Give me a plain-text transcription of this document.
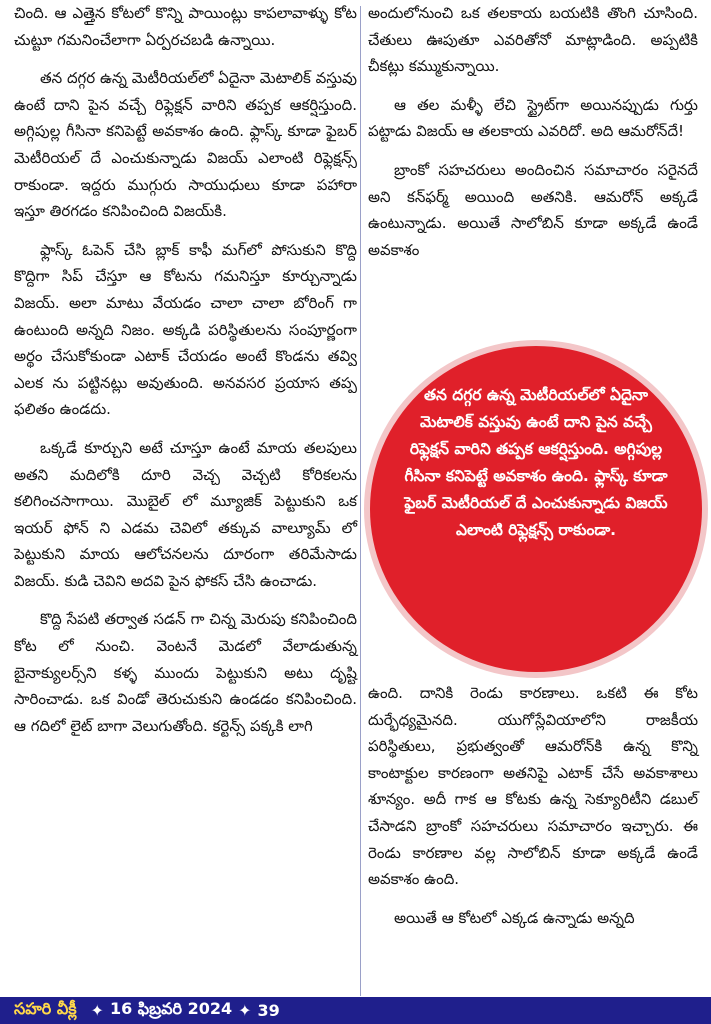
చింది. ఆ ఎత్తైన కోటలో కొన్ని పాయింట్లు కాపలావాళ్ళు కోట చుట్టూ గమనించేలాగా ఏర్పరచబడి ఉన్నాయి.

తన దగ్గర ఉన్న మెటీరియల్‌లో ఏదైనా మెటాలిక్ వస్తువు ఉంటే దాని పైన వచ్చే రిఫ్లెక్షన్ వారిని తప్పక ఆకర్షిస్తుంది. అగ్గిపుల్ల గీసినా కనిపెట్టే అవకాశం ఉంది. ఫ్లాస్క్ కూడా ఫైబర్ మెటీరియల్ దే ఎంచుకున్నాడు విజయ్ ఎలాంటి రిఫ్లెక్షన్స్ రాకుండా. ఇద్దరు ముగ్గురు సాయుధులు కూడా పహారా ఇస్తూ తిరగడం కనిపించింది విజయ్‌కి.

ఫ్లాస్క్ ఓపెన్ చేసి బ్లాక్ కాఫీ మగ్‌లో పోసుకుని కొద్ది కొద్దిగా సిప్ చేస్తూ ఆ కోటను గమనిస్తూ కూర్చున్నాడు విజయ్. అలా మాటు వేయడం చాలా చాలా బోరింగ్ గా ఉంటుంది అన్నది నిజం. అక్కడి పరిస్థితులను సంపూర్ణంగా అర్థం చేసుకోకుండా ఎటాక్ చేయడం అంటే కొండను తవ్వి ఎలక ను పట్టినట్లు అవుతుంది. అనవసర ప్రయాస తప్ప ఫలితం ఉండదు.

ఒక్కడే కూర్చుని అటే చూస్తూ ఉంటే మాయ తలపులు అతని మదిలోకి దూరి వెచ్చ వెచ్చటి కోరికలను కలిగించసాగాయి. మొబైల్ లో మ్యూజిక్ పెట్టుకుని ఒక ఇయర్ ఫోన్ ని ఎడమ చెవిలో తక్కువ వాల్యూమ్ లో పెట్టుకుని మాయ ఆలోచనలను దూరంగా తరిమేసాడు విజయ్. కుడి చెవిని అదవి పైన ఫోకస్ చేసి ఉంచాడు.

కొద్ది సేపటి తర్వాత సడన్ గా చిన్న మెరుపు కనిపించింది కోట లో నుంచి. వెంటనే మెడలో వేలాడుతున్న బైనాక్యులర్స్‌ని కళ్ళ ముందు పెట్టుకుని అటు దృష్టి సారించాడు. ఒక విండో తెరుచుకుని ఉండడం కనిపించింది. ఆ గదిలో లైట్ బాగా వెలుగుతోంది. కర్టెన్స్ పక్కకి లాగి

అందులోనుంచి ఒక తలకాయ బయటికి తొంగి చూసింది. చేతులు ఊపుతూ ఎవరితోనో మాట్లాడింది. అప్పటికి చీకట్లు కమ్ముకున్నాయి.

ఆ తల మళ్ళీ లేచి స్ట్రైట్‌గా అయినప్పుడు గుర్తు పట్టాడు విజయ్ ఆ తలకాయ ఎవరిదో. అది ఆమరోన్‌దే!

బ్రాంకో సహచరులు అందించిన సమాచారం సరైనదే అని కన్‌ఫర్మ్ అయింది అతనికి. ఆమరోన్ అక్కడే ఉంటున్నాడు. అయితే సాలోబిన్ కూడా అక్కడే ఉండే అవకాశం

తన దగ్గర ఉన్న మెటీరియల్‌లో ఏదైనా మెటాలిక్ వస్తువు ఉంటే దాని పైన వచ్చే రిఫ్లెక్షన్ వారిని తప్పక ఆకర్షిస్తుంది. అగ్గిపుల్ల గీసినా కనిపెట్టే అవకాశం ఉంది. ఫ్లాస్క్ కూడా ఫైబర్ మెటీరియల్ దే ఎంచుకున్నాడు విజయ్ ఎలాంటి రిఫ్లెక్షన్స్ రాకుండా.

ఉంది. దానికి రెండు కారణాలు. ఒకటి ఈ కోట దుర్భేధ్యమైనది. యుగోస్లేవియాలోని రాజకీయ పరిస్థితులు, ప్రభుత్వంతో ఆమరోన్‌కి ఉన్న కొన్ని కాంటాక్టుల కారణంగా అతనిపై ఎటాక్ చేసే అవకాశాలు శూన్యం. అదీ గాక ఆ కోటకు ఉన్న సెక్యూరిటీని డబుల్ చేసాడని బ్రాంకో సహచరులు సమాచారం ఇచ్చారు. ఈ రెండు కారణాల వల్ల సాలోబిన్ కూడా అక్కడే ఉండే అవకాశం ఉంది.

అయితే ఆ కోటలో ఎక్కడ ఉన్నాడు అన్నది

సహరి వీక్లీ ✦ 16 ఫిబ్రవరి 2024 ✦ 39
